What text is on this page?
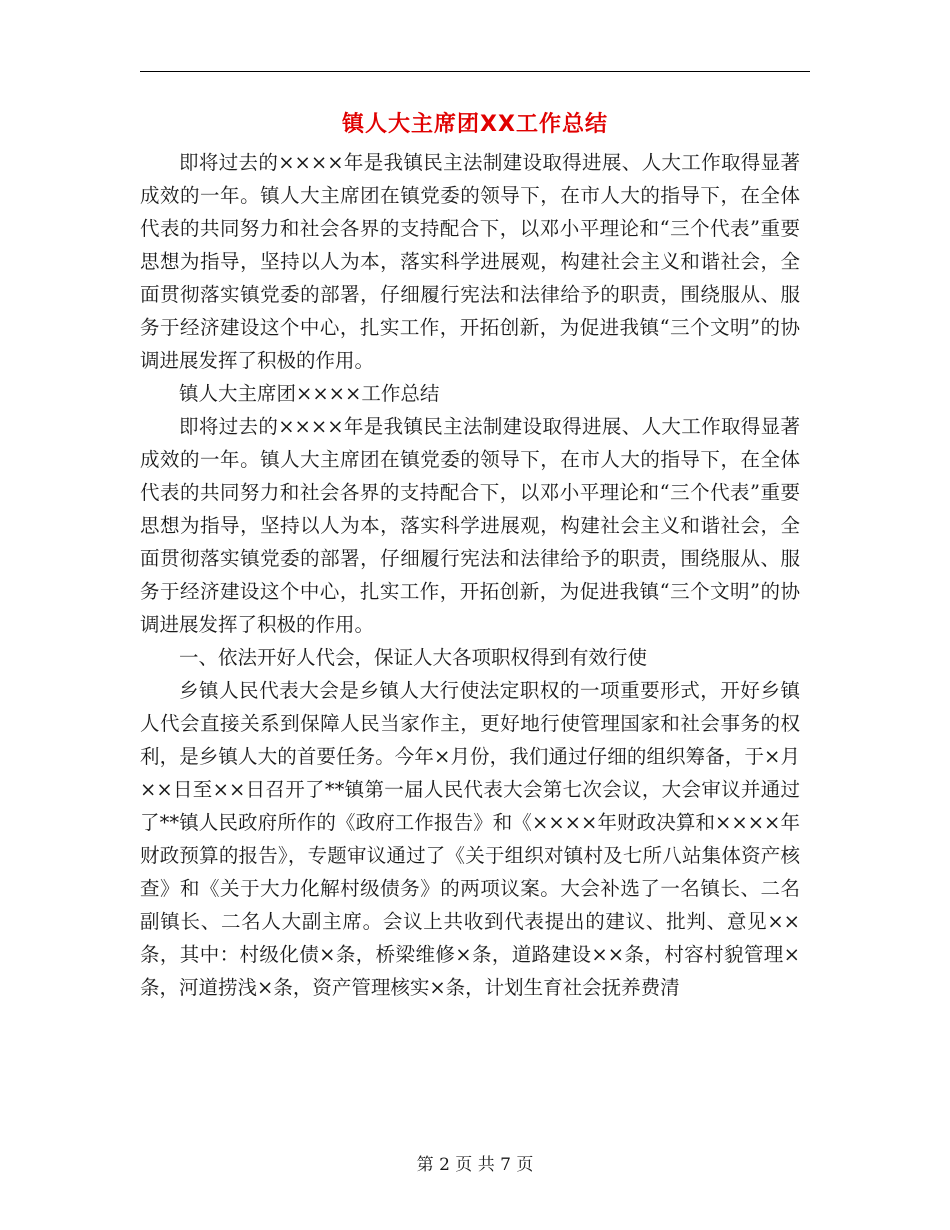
镇人大主席团XX工作总结

即将过去的××××年是我镇民主法制建设取得进展、人大工作取得显著成效的一年。镇人大主席团在镇党委的领导下，在市人大的指导下，在全体代表的共同努力和社会各界的支持配合下，以邓小平理论和“三个代表”重要思想为指导，坚持以人为本，落实科学进展观，构建社会主义和谐社会，全面贯彻落实镇党委的部署，仔细履行宪法和法律给予的职责，围绕服从、服务于经济建设这个中心，扎实工作，开拓创新，为促进我镇“三个文明”的协调进展发挥了积极的作用。

镇人大主席团××××工作总结

即将过去的××××年是我镇民主法制建设取得进展、人大工作取得显著成效的一年。镇人大主席团在镇党委的领导下，在市人大的指导下，在全体代表的共同努力和社会各界的支持配合下，以邓小平理论和“三个代表”重要思想为指导，坚持以人为本，落实科学进展观，构建社会主义和谐社会，全面贯彻落实镇党委的部署，仔细履行宪法和法律给予的职责，围绕服从、服务于经济建设这个中心，扎实工作，开拓创新，为促进我镇“三个文明”的协调进展发挥了积极的作用。

一、依法开好人代会，保证人大各项职权得到有效行使

乡镇人民代表大会是乡镇人大行使法定职权的一项重要形式，开好乡镇人代会直接关系到保障人民当家作主，更好地行使管理国家和社会事务的权利，是乡镇人大的首要任务。今年×月份，我们通过仔细的组织筹备，于×月××日至××日召开了**镇第一届人民代表大会第七次会议，大会审议并通过了**镇人民政府所作的《政府工作报告》和《××××年财政决算和××××年财政预算的报告》，专题审议通过了《关于组织对镇村及七所八站集体资产核查》和《关于大力化解村级债务》的两项议案。大会补选了一名镇长、二名副镇长、二名人大副主席。会议上共收到代表提出的建议、批判、意见××条，其中：村级化债×条，桥梁维修×条，道路建设××条，村容村貌管理×条，河道捞浅×条，资产管理核实×条，计划生育社会抚养费清

第 2 页 共 7 页
